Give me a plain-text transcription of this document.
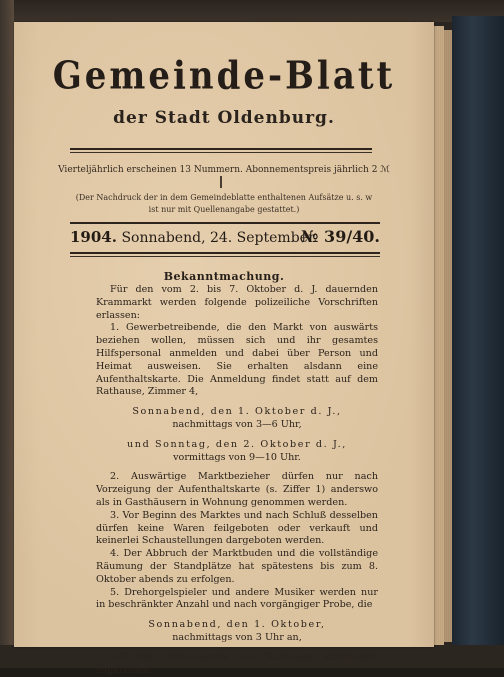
Gemeinde-Blatt
der Stadt Oldenburg.
Vierteljährlich erscheinen 13 Nummern. Abonnementspreis jährlich 2 ℳ
(Der Nachdruck der in dem Gemeindeblatte enthaltenen Aufsätze u. s. w
ist nur mit Quellenangabe gestattet.)
1904. Sonnabend, 24. September.
№ 39/40.
Bekanntmachung.

Für den vom 2. bis 7. Oktober d. J. dauernden Krammarkt werden folgende polizeiliche Vorschriften erlassen:

1. Gewerbetreibende, die den Markt von auswärts beziehen wollen, müssen sich und ihr gesamtes Hilfspersonal anmelden und dabei über Person und Heimat ausweisen. Sie erhalten alsdann eine Aufenthaltskarte. Die Anmeldung findet statt auf dem Rathause, Zimmer 4,

Sonnabend, den 1. Oktober d. J.,

nachmittags von 3—6 Uhr,

und Sonntag, den 2. Oktober d. J.,

vormittags von 9—10 Uhr.

2. Auswärtige Marktbezieher dürfen nur nach Vorzeigung der Aufenthaltskarte (s. Ziffer 1) anderswo als in Gasthäusern in Wohnung genommen werden.

3. Vor Beginn des Marktes und nach Schluß desselben dürfen keine Waren feilgeboten oder verkauft und keinerlei Schaustellungen dargeboten werden.

4. Der Abbruch der Marktbuden und die vollständige Räumung der Standplätze hat spätestens bis zum 8. Oktober abends zu erfolgen.

5. Drehorgelspieler und andere Musiker werden nur in beschränkter Anzahl und nach vorgängiger Probe, die

Sonnabend, den 1. Oktober,

nachmittags von 3 Uhr an,

auf der Polizeiwache im Rathause stattfindet, zugelassen.
